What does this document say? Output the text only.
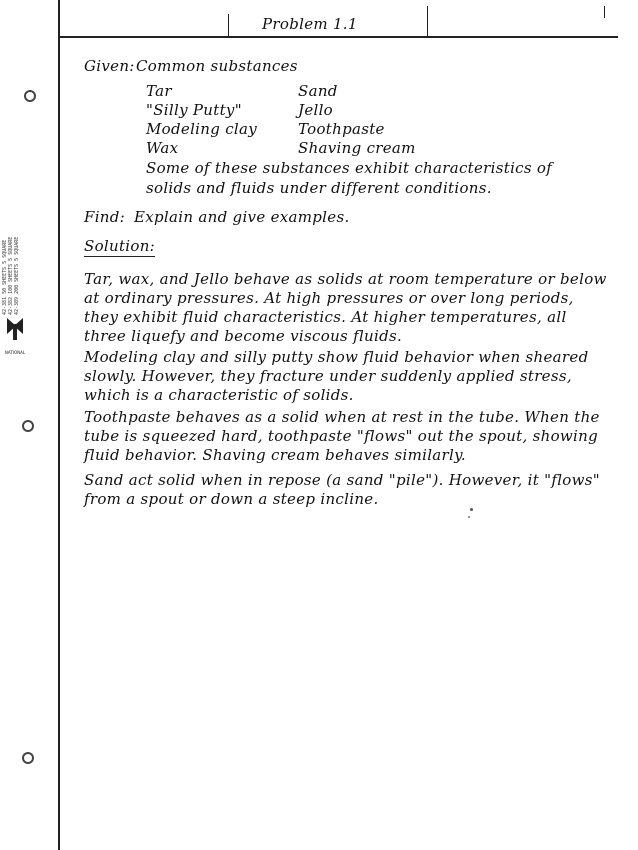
Problem 1.1
42-381 50 SHEETS 5 SQUARE 42-382 100 SHEETS 5 SQUARE 42-389 200 SHEETS 5 SQUARE
NATIONAL
Given: Common substances
Tar
"Silly Putty"
Modeling clay
Wax
Sand
Jello
Toothpaste
Shaving cream
Some of these substances exhibit characteristics of
solids and fluids under different conditions.
Find: Explain and give examples.
Solution:
Tar, wax, and Jello behave as solids at room temperature or below
at ordinary pressures. At high pressures or over long periods,
they exhibit fluid characteristics. At higher temperatures, all
three liquefy and become viscous fluids.
Modeling clay and silly putty show fluid behavior when sheared
slowly. However, they fracture under suddenly applied stress,
which is a characteristic of solids.
Toothpaste behaves as a solid when at rest in the tube. When the
tube is squeezed hard, toothpaste "flows" out the spout, showing
fluid behavior. Shaving cream behaves similarly.
Sand act solid when in repose (a sand "pile"). However, it "flows"
from a spout or down a steep incline.
